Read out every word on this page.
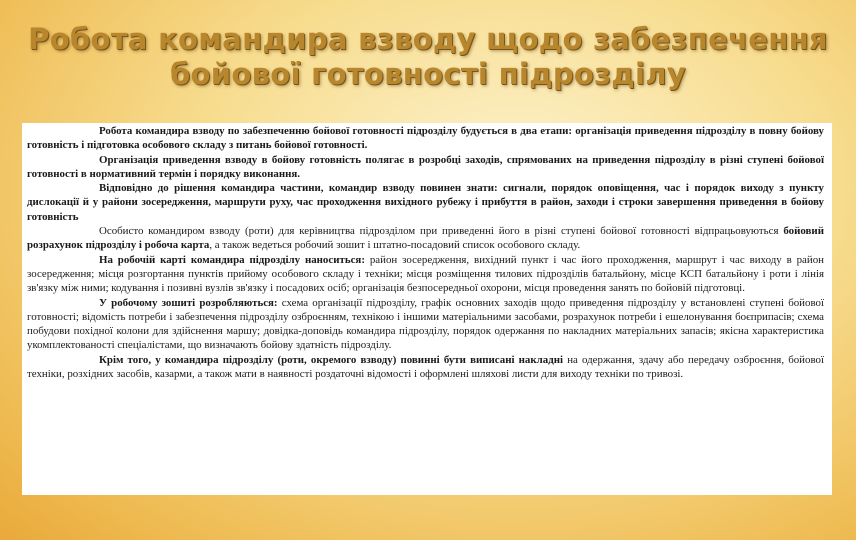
Робота командира взводу щодо забезпечення
бойової готовності підрозділу

Робота командира взводу по забезпеченню бойової готовності підрозділу будується в два етапи: організація приведення підрозділу в повну бойову готовність і підготовка особового складу з питань бойової готовності.

Організація приведення взводу в бойову готовність полягає в розробці заходів, спрямованих на приведення підрозділу в різні ступені бойової готовності в нормативний термін і порядку виконання.

Відповідно до рішення командира частини, командир взводу повинен знати: сигнали, порядок оповіщення, час і порядок виходу з пункту дислокації й у райони зосередження, маршрути руху, час проходження вихідного рубежу і прибуття в район, заходи і строки завершення приведення в бойову готовність

Особисто командиром взводу (роти) для керівництва підрозділом при приведенні його в різні ступені бойової готовності відпрацьовуються бойовий розрахунок підрозділу і робоча карта, а також ведеться робочий зошит і штатно-посадовий список особового складу.

На робочій карті командира підрозділу наноситься: район зосередження, вихідний пункт і час його проходження, маршрут і час виходу в район зосередження; місця розгортання пунктів прийому особового складу і техніки; місця розміщення тилових підрозділів батальйону, місце КСП батальйону і роти і лінія зв'язку між ними; кодування і позивні вузлів зв'язку і посадових осіб; організація безпосередньої охорони, місця проведення занять по бойовій підготовці.

У робочому зошиті розробляються: схема організації підрозділу, графік основних заходів щодо приведення підрозділу у встановлені ступені бойової готовності; відомість потреби і забезпечення підрозділу озброєнням, технікою і іншими матеріальними засобами, розрахунок потреби і ешелонування боєприпасів; схема побудови похідної колони для здійснення маршу; довідка-доповідь командира підрозділу, порядок одержання по накладних матеріальних запасів; якісна характеристика укомплектованості спеціалістами, що визначають бойову здатність підрозділу.

Крім того, у командира підрозділу (роти, окремого взводу) повинні бути виписані накладні на одержання, здачу або передачу озброєння, бойової техніки, розхідних засобів, казарми, а також мати в наявності роздаточні відомості і оформлені шляхові листи для виходу техніки по тривозі.
